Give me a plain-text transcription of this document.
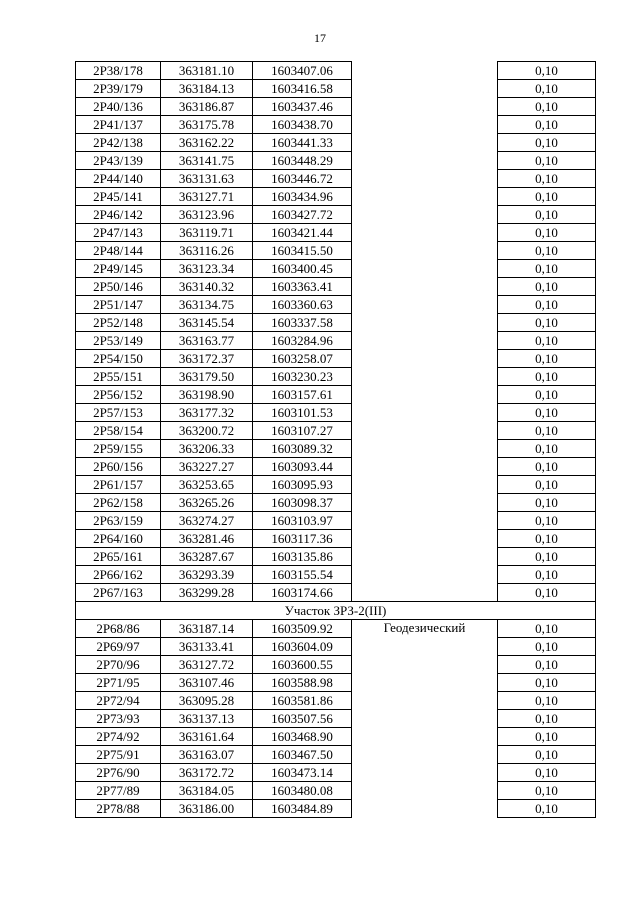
17
2Р38/178	363181.10	1603407.06		0,10
2Р39/179	363184.13	1603416.58		0,10
2Р40/136	363186.87	1603437.46		0,10
2Р41/137	363175.78	1603438.70		0,10
2Р42/138	363162.22	1603441.33		0,10
2Р43/139	363141.75	1603448.29		0,10
2Р44/140	363131.63	1603446.72		0,10
2Р45/141	363127.71	1603434.96		0,10
2Р46/142	363123.96	1603427.72		0,10
2Р47/143	363119.71	1603421.44		0,10
2Р48/144	363116.26	1603415.50		0,10
2Р49/145	363123.34	1603400.45		0,10
2Р50/146	363140.32	1603363.41		0,10
2Р51/147	363134.75	1603360.63		0,10
2Р52/148	363145.54	1603337.58		0,10
2Р53/149	363163.77	1603284.96		0,10
2Р54/150	363172.37	1603258.07		0,10
2Р55/151	363179.50	1603230.23		0,10
2Р56/152	363198.90	1603157.61		0,10
2Р57/153	363177.32	1603101.53		0,10
2Р58/154	363200.72	1603107.27		0,10
2Р59/155	363206.33	1603089.32		0,10
2Р60/156	363227.27	1603093.44		0,10
2Р61/157	363253.65	1603095.93		0,10
2Р62/158	363265.26	1603098.37		0,10
2Р63/159	363274.27	1603103.97		0,10
2Р64/160	363281.46	1603117.36		0,10
2Р65/161	363287.67	1603135.86		0,10
2Р66/162	363293.39	1603155.54		0,10
2Р67/163	363299.28	1603174.66		0,10
Участок ЗРЗ-2(III)				
2Р68/86	363187.14	1603509.92	Геодезический	0,10
2Р69/97	363133.41	1603604.09		0,10
2Р70/96	363127.72	1603600.55		0,10
2Р71/95	363107.46	1603588.98		0,10
2Р72/94	363095.28	1603581.86		0,10
2Р73/93	363137.13	1603507.56		0,10
2Р74/92	363161.64	1603468.90		0,10
2Р75/91	363163.07	1603467.50		0,10
2Р76/90	363172.72	1603473.14		0,10
2Р77/89	363184.05	1603480.08		0,10
2Р78/88	363186.00	1603484.89		0,10
